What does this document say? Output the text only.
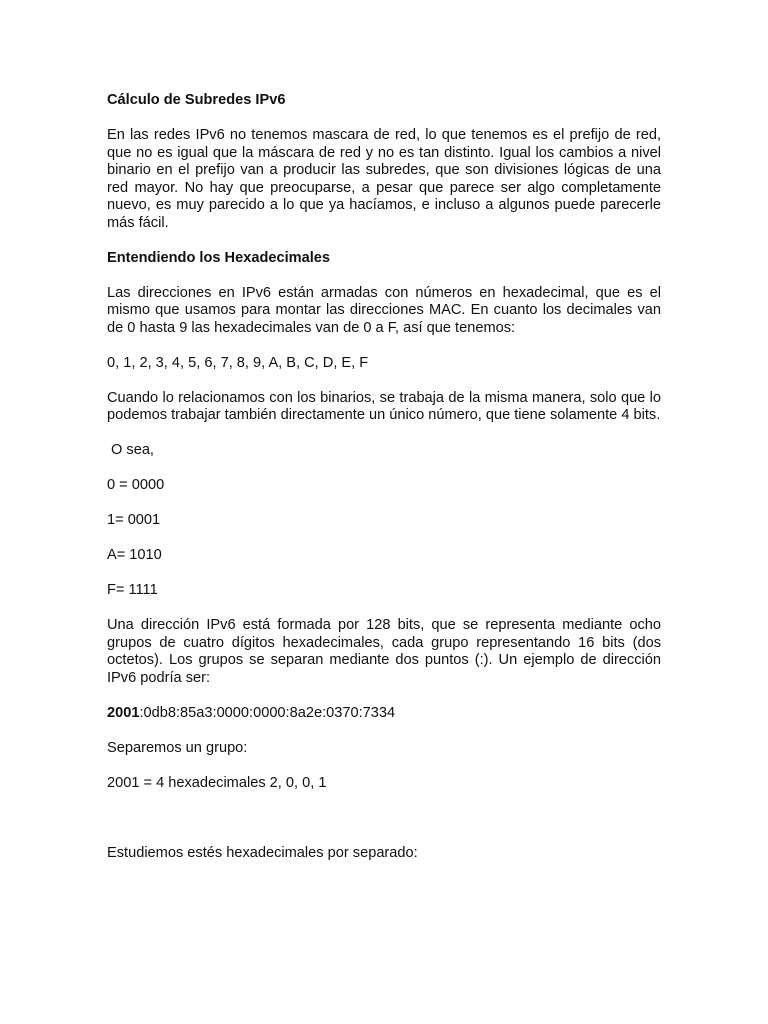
Cálculo de Subredes IPv6
En las redes IPv6 no tenemos mascara de red, lo que tenemos es el prefijo de red, que no es igual que la máscara de red y no es tan distinto. Igual los cambios a nivel binario en el prefijo van a producir las subredes, que son divisiones lógicas de una red mayor. No hay que preocuparse, a pesar que parece ser algo completamente nuevo, es muy parecido a lo que ya hacíamos, e incluso a algunos puede parecerle más fácil.
Entendiendo los Hexadecimales
Las direcciones en IPv6 están armadas con números en hexadecimal, que es el mismo que usamos para montar las direcciones MAC. En cuanto los decimales van de 0 hasta 9 las hexadecimales van de 0 a F, así que tenemos:
0, 1, 2, 3, 4, 5, 6, 7, 8, 9, A, B, C, D, E, F
Cuando lo relacionamos con los binarios, se trabaja de la misma manera, solo que lo podemos trabajar también directamente un único número, que tiene solamente 4 bits.
O sea,
0 = 0000
1= 0001
A= 1010
F= 1111
Una dirección IPv6 está formada por 128 bits, que se representa mediante ocho grupos de cuatro dígitos hexadecimales, cada grupo representando 16 bits (dos octetos). Los grupos se separan mediante dos puntos (:). Un ejemplo de dirección IPv6 podría ser:
2001:0db8:85a3:0000:0000:8a2e:0370:7334
Separemos un grupo:
2001 = 4 hexadecimales 2, 0, 0, 1
Estudiemos estés hexadecimales por separado:
